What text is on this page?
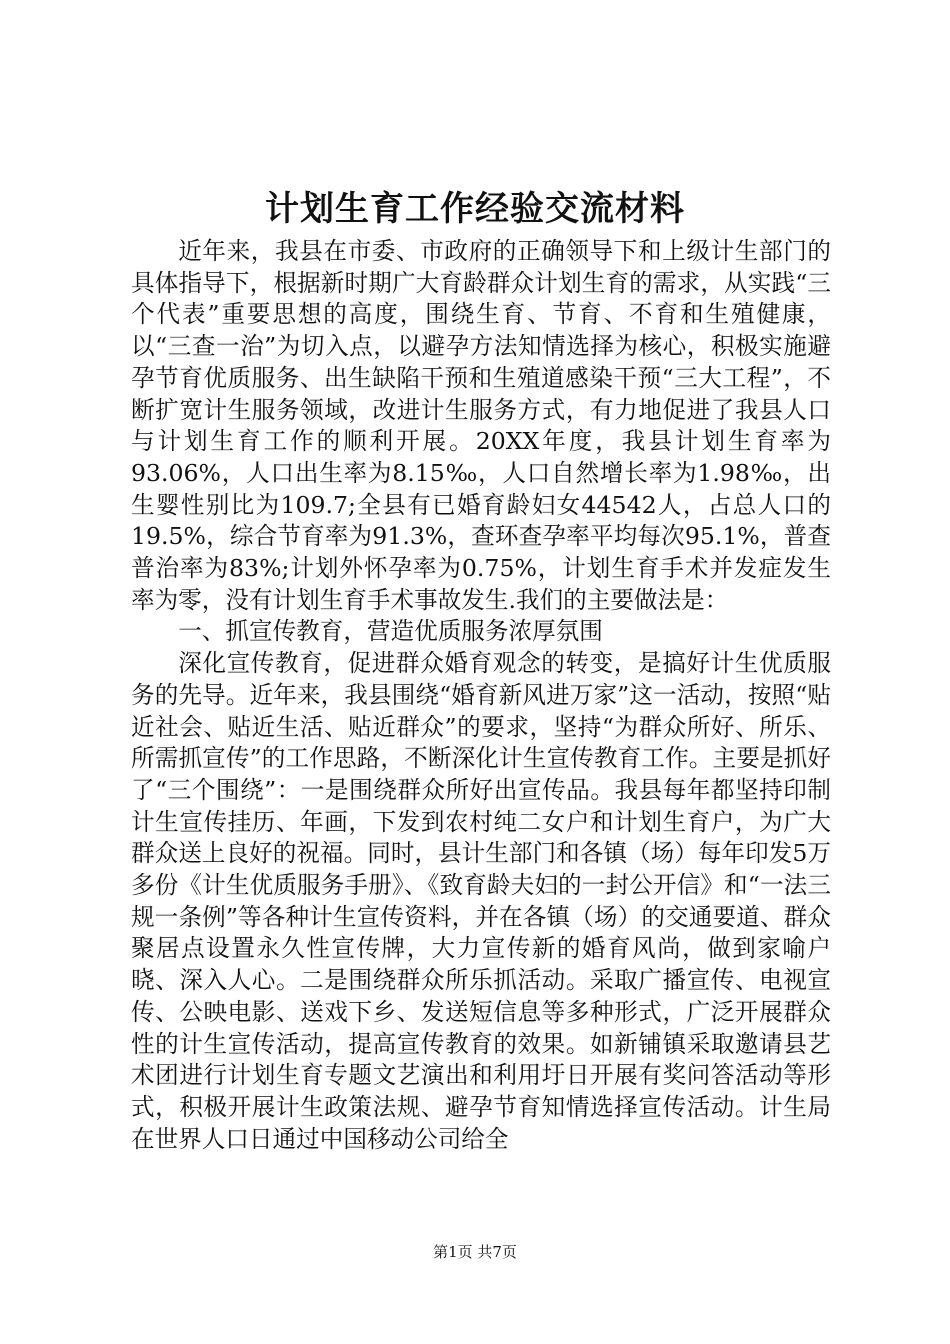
计划生育工作经验交流材料

近年来，我县在市委、市政府的正确领导下和上级计生部门的具体指导下，根据新时期广大育龄群众计划生育的需求，从实践“三个代表”重要思想的高度，围绕生育、节育、不育和生殖健康，以“三查一治”为切入点，以避孕方法知情选择为核心，积极实施避孕节育优质服务、出生缺陷干预和生殖道感染干预“三大工程”，不断扩宽计生服务领域，改进计生服务方式，有力地促进了我县人口与计划生育工作的顺利开展。20XX年度，我县计划生育率为93.06%，人口出生率为8.15‰，人口自然增长率为1.98‰，出生婴性别比为109.7;全县有已婚育龄妇女44542人，占总人口的19.5%，综合节育率为91.3%，查环查孕率平均每次95.1%，普查普治率为83%;计划外怀孕率为0.75%，计划生育手术并发症发生率为零，没有计划生育手术事故发生.我们的主要做法是：

一、抓宣传教育，营造优质服务浓厚氛围

深化宣传教育，促进群众婚育观念的转变，是搞好计生优质服务的先导。近年来，我县围绕“婚育新风进万家”这一活动，按照“贴近社会、贴近生活、贴近群众”的要求，坚持“为群众所好、所乐、所需抓宣传”的工作思路，不断深化计生宣传教育工作。主要是抓好了“三个围绕”：一是围绕群众所好出宣传品。我县每年都坚持印制计生宣传挂历、年画，下发到农村纯二女户和计划生育户，为广大群众送上良好的祝福。同时，县计生部门和各镇（场）每年印发5万多份《计生优质服务手册》、《致育龄夫妇的一封公开信》和“一法三规一条例”等各种计生宣传资料，并在各镇（场）的交通要道、群众聚居点设置永久性宣传牌，大力宣传新的婚育风尚，做到家喻户晓、深入人心。二是围绕群众所乐抓活动。采取广播宣传、电视宣传、公映电影、送戏下乡、发送短信息等多种形式，广泛开展群众性的计生宣传活动，提高宣传教育的效果。如新铺镇采取邀请县艺术团进行计划生育专题文艺演出和利用圩日开展有奖问答活动等形式，积极开展计生政策法规、避孕节育知情选择宣传活动。计生局在世界人口日通过中国移动公司给全

第1页 共7页
